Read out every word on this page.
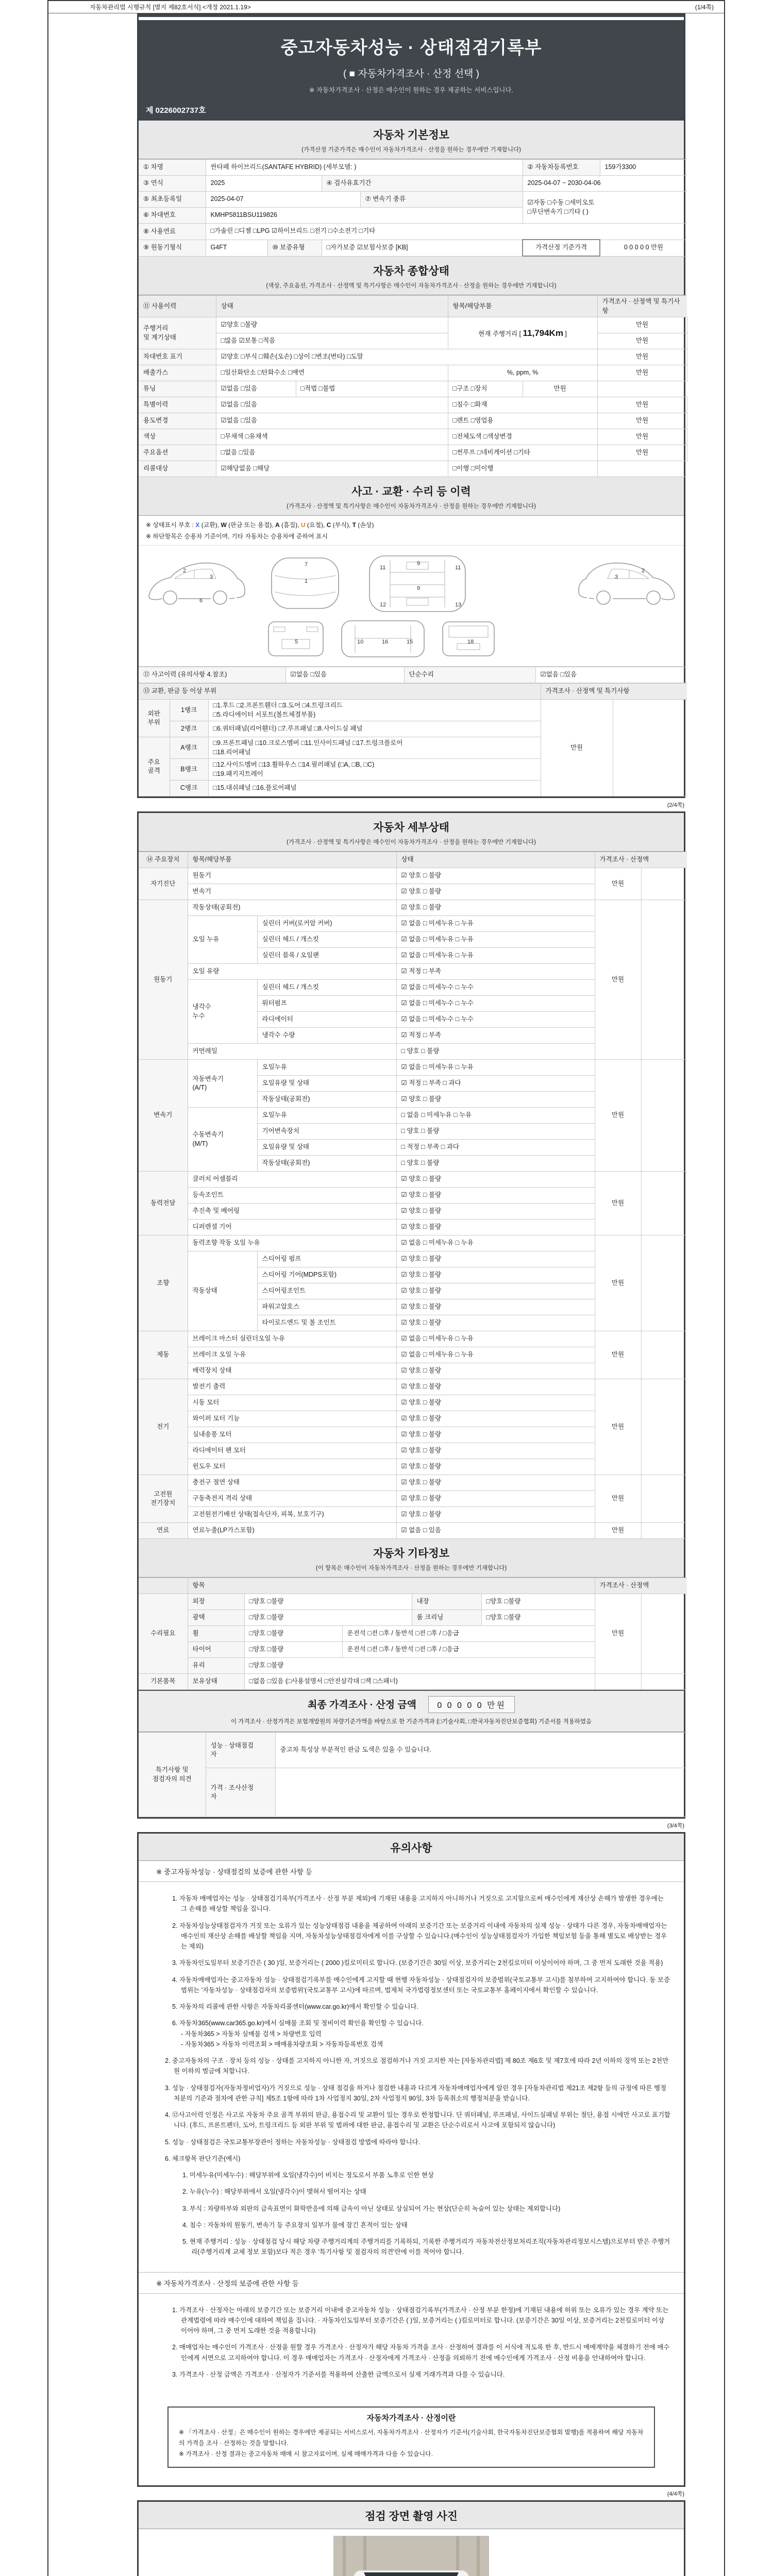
자동차관리법 시행규칙 [별지 제82호서식] <개정 2021.1.19>	(1/4쪽)
중고자동차성능 · 상태점검기록부
( ■ 자동차가격조사 · 산정 선택 )
※ 자동차가격조사 · 산정은 매수인이 원하는 경우 제공하는 서비스입니다.
제 0226002737호
자동차 기본정보
(가격산정 기준가격은 매수인이 자동차가격조사 · 산정을 원하는 경우에만 기재합니다)
① 차명	싼타페 하이브리드(SANTAFE HYBRID) (세부모델: )				② 자동차등록번호	159가3300
③ 연식	2025		④ 검사유효기간		2025-04-07 ~ 2030-04-06	
⑤ 최초등록일	2025-04-07			⑦ 변속기 종류	☑자동 □수동 □세미오토
□무단변속기 □기타 ( )	
⑥ 차대번호	KMHP5811BSU119826					
⑧ 사용연료	□가솔린 □디젤 □LPG ☑하이브리드 □전기 □수소전기 □기타					
⑨ 원동기형식	G4FT	⑩ 보증유형	□자가보증 ☑보험사보증 [KB]		가격산정 기준가격	0 0 0 0 0 만원
자동차 종합상태
(색상, 주요옵션, 가격조사 · 산정액 및 특기사항은 매수인이 자동차가격조사 · 산정을 원하는 경우에만 기재합니다)
⑪ 사용이력	상태		항목/해당부품		가격조사 · 산정액 및 특기사항	
주행거리
및 계기상태	☑양호 □불량		현재 주행거리 [ 11,794Km ]		만원	
	□많음 ☑보통 □적음				만원	
차대번호 표기	☑양호 □부식 □훼손(오손) □상이 □변조(변타) □도말				만원	
배출가스	□일산화탄소 □탄화수소 □매연		%, ppm, %		만원	
튜닝	☑없음 □있음	□적법 □불법	□구조 □장치	만원		
특별이력	☑없음 □있음		□침수 □화재		만원	
용도변경	☑없음 □있음		□렌트 □영업용		만원	
색상	□무채색 □유채색		□전체도색 □색상변경		만원	
주요옵션	□없음 □있음		□썬루프 □네비게이션 □기타		만원	
리콜대상	☑해당없음 □해당		□이행 □미이행			
사고 · 교환 · 수리 등 이력
(가격조사 · 산정액 및 특기사항은 매수인이 자동차가격조사 · 산정을 원하는 경우에만 기재합니다)
※ 상태표시 부호 : X (교환), W (판금 또는 용접), A (흠집), U (요철), C (부식), T (손상)
※ 하단항목은 승용차 기준이며, 기타 자동차는 승용차에 준하여 표시
2
3
6
7
1
11
9
11
12
9
13
3
2
5	10	16	15	18
⑫ 사고이력 (유의사항 4.참조)	☑없음 □있음	단순수리	☑없음 □있음
⑬ 교환, 판금 등 이상 부위			가격조사 · 산정액 및 특기사항	
외판
부위	1랭크	□1.후드 □2.프론트휀더 □3.도어 □4.트렁크리드
□5.라디에이터 서포트(볼트체결부품)	만원	
	2랭크	□6.쿼터패널(리어휀더) □7.루프패널 □8.사이드실 패널		
주요
골격	A랭크	□9.프론트패널 □10.크로스멤버 □11.인사이드패널 □17.트렁크플로어
□18.리어패널		
	B랭크	□12.사이드멤버 □13.휠하우스 □14.필러패널 (□A, □B, □C)
□19.패키지트레이		
	C랭크	□15.대쉬패널 □16.플로어패널		
(2/4쪽)
자동차 세부상태
(가격조사 · 산정액 및 특기사항은 매수인이 자동차가격조사 · 산정을 원하는 경우에만 기재합니다)
⑭ 주요장치	항목/해당부품		상태	가격조사 · 산정액	
자기진단	원동기		☑ 양호 □ 불량	만원	
	변속기		☑ 양호 □ 불량		
원동기	작동상태(공회전)		☑ 양호 □ 불량	만원	
	오일 누유	실린더 커버(로커암 커버)	☑ 없음 □ 미세누유 □ 누유		
		실린더 헤드 / 개스킷	☑ 없음 □ 미세누유 □ 누유		
		실린더 블록 / 오일팬	☑ 없음 □ 미세누유 □ 누유		
	오일 유량		☑ 적정 □ 부족		
	냉각수
누수	실린더 헤드 / 개스킷	☑ 없음 □ 미세누수 □ 누수		
		워터펌프	☑ 없음 □ 미세누수 □ 누수		
		라디에이터	☑ 없음 □ 미세누수 □ 누수		
		냉각수 수량	☑ 적정 □ 부족		
	커먼레일		□ 양호 □ 불량		
변속기	자동변속기
(A/T)	오일누유	☑ 없음 □ 미세누유 □ 누유	만원	
		오일유량 및 상태	☑ 적정 □ 부족 □ 과다		
		작동상태(공회전)	☑ 양호 □ 불량		
	수동변속기
(M/T)	오일누유	□ 없음 □ 미세누유 □ 누유		
		기어변속장치	□ 양호 □ 불량		
		오일유량 및 상태	□ 적정 □ 부족 □ 과다		
		작동상태(공회전)	□ 양호 □ 불량		
동력전달	클러치 어셈블리		☑ 양호 □ 불량	만원	
	등속조인트		☑ 양호 □ 불량		
	추진축 및 베어링		☑ 양호 □ 불량		
	디퍼렌셜 기어		☑ 양호 □ 불량		
조향	동력조향 작동 오일 누유		☑ 없음 □ 미세누유 □ 누유	만원	
	작동상태	스티어링 펌프	☑ 양호 □ 불량		
		스티어링 기어(MDPS포함)	☑ 양호 □ 불량		
		스티어링조인트	☑ 양호 □ 불량		
		파워고압호스	☑ 양호 □ 불량		
		타이로드엔드 및 볼 조인트	☑ 양호 □ 불량		
제동	브레이크 마스터 실린더오일 누유		☑ 없음 □ 미세누유 □ 누유	만원	
	브레이크 오일 누유		☑ 없음 □ 미세누유 □ 누유		
	배력장치 상태		☑ 양호 □ 불량		
전기	발전기 출력		☑ 양호 □ 불량	만원	
	시동 모터		☑ 양호 □ 불량		
	와이퍼 모터 기능		☑ 양호 □ 불량		
	실내송풍 모터		☑ 양호 □ 불량		
	라디에이터 팬 모터		☑ 양호 □ 불량		
	윈도우 모터		☑ 양호 □ 불량		
고전원
전기장치	충전구 절연 상태		☑ 양호 □ 불량	만원	
	구동축전지 격리 상태		☑ 양호 □ 불량		
	고전원전기배선 상태(접속단자, 피복, 보호기구)		☑ 양호 □ 불량		
연료	연료누출(LP가스포함)		☑ 없음 □ 있음	만원	
자동차 기타정보
(이 항목은 매수인이 자동차가격조사 · 산정을 원하는 경우에만 기재합니다)
	항목					가격조사 · 산정액	
수리필요	외장	□양호 □불량		내장	□양호 □불량	만원	
	광택	□양호 □불량		룸 크리닝	□양호 □불량		
	휠	□양호 □불량	운전석 □전 □후 / 동반석 □전 □후 / □응급				
	타이어	□양호 □불량	운전석 □전 □후 / 동반석 □전 □후 / □응급				
	유리	□양호 □불량					
기본품목	보유상태	□없음 □있음 (□사용설명서 □안전삼각대 □잭 □스패너)					
최종 가격조사 · 산정 금액	0 0 0 0 0 만원
이 가격조사 · 산정가격은 보험개발원의 차량기준가액을 바탕으로 한 기준가격과 (□기술사회, □한국자동차진단보증협회) 기준서를 적용하였음
특기사항 및
점검자의 의견	성능 · 상태점검
자	중고차 특성상 부분적인 판금 도색은 있을 수 있습니다.
	가격 · 조사산정
자	
(3/4쪽)
유의사항
※ 중고자동차성능 · 상태점검의 보증에 관한 사항 등
1. 자동차 매매업자는 성능 · 상태점검기록부(가격조사 · 산정 부분 제외)에 기재된 내용을 고지하지 아니하거나 거짓으로 고지함으로써 매수인에게 재산상 손해가 발생한 경우에는 그 손해를 배상할 책임을 집니다.
2. 자동차성능상태점검자가 거짓 또는 오류가 있는 성능상태점검 내용을 제공하여 아래의 보증기간 또는 보증거리 이내에 자동차의 실제 성능 · 상태가 다른 경우, 자동차매매업자는 매수인의 재산상 손해를 배상할 책임을 지며, 자동차성능상태점검자에게 이를 구상할 수 있습니다.(매수인이 성능상태점검자가 가입한 책임보험 등을 통해 별도로 배상받는 경우는 제외)
3. 자동차인도일부터 보증기간은 ( 30 )일, 보증거리는 ( 2000 )킬로미터로 합니다. (보증기간은 30일 이상, 보증거리는 2천킬로미터 이상이어야 하며, 그 중 먼저 도래한 것을 적용)
4. 자동차매매업자는 중고자동차 성능 · 상태점검기록부를 매수인에게 고지할 때 현행 자동차성능 · 상태점검자의 보증범위(국토교통부 고시)를 첨부하여 고지하여야 합니다. 동 보증범위는 '자동차성능 · 상태점검자의 보증범위'(국토교통부 고시)에 따르며, 법제처 국가법령정보센터 또는 국토교통부 홈페이지에서 확인할 수 있습니다.
5. 자동차의 리콜에 관한 사항은 자동차리콜센터(www.car.go.kr)에서 확인할 수 있습니다.
6. 자동차365(www.car365.go.kr)에서 실매물 조회 및 정비이력 확인을 확인할 수 있습니다.
- 자동차365 > 자동차 실매물 검색 > 차량번호 입력
- 자동차365 > 자동차 이력조회 > 매매용차량조회 > 자동차등록번호 검색
2. 중고자동차의 구조 · 장치 등의 성능 · 상태를 고지하지 아니한 자, 거짓으로 점검하거나 거짓 고지한 자는 [자동차관리법] 제 80조 제6호 및 제7호에 따라 2년 이하의 징역 또는 2천만원 이하의 벌금에 처합니다.
3. 성능 · 상태점검자(자동차정비업자)가 거짓으로 성능 · 상태 점검을 하거나 점검한 내용과 다르게 자동차매매업자에게 알린 경우 [자동차관리법 제21조 제2항 등의 규정에 따른 행정처분의 기준과 절차에 관한 규칙] 제5조 1항에 따라 1차 사업정지 30일, 2차 사업정지 90일, 3차 등록취소의 행정처분을 받습니다.
4. ⑫사고이력 인정은 사고로 자동차 주요 골격 부위의 판금, 용접수리 및 교환이 있는 경우로 한정합니다. 단 쿼터패널, 루프패널, 사이드실패널 부위는 절단, 용접 시에만 사고로 표기합니다. (후드, 프론트펜더, 도어, 트렁크리드 등 외판 부위 및 범퍼에 대한 판금, 용접수리 및 교환은 단순수리로서 사고에 포함되지 않습니다)
5. 성능 · 상태점검은 국토교통부장관이 정하는 자동차성능 · 상태점검 방법에 따라야 합니다.
6. 체크항목 판단기준(예시)
1. 미세누유(미세누수) : 해당부위에 오일(냉각수)이 비치는 정도로서 부품 노후로 인한 현상
2. 누유(누수) : 해당부위에서 오일(냉각수)이 맺혀서 떨어지는 상태
3. 부식 : 차량하부와 외판의 금속표면이 화학반응에 의해 금속이 아닌 상태로 상실되어 가는 현상(단순히 녹슬어 있는 상태는 제외합니다)
4. 침수 : 자동차의 원동기, 변속기 등 주요장치 일부가 물에 잠긴 흔적이 있는 상태
5. 현재 주행거리 : 성능 · 상태점검 당시 해당 차량 주행거리계의 주행거리를 기록하되, 기록한 주행거리가 자동차전산정보처리조직(자동차관리정보시스템)으로부터 받은 주행거리(주행거리계 교체 정보 포함)보다 적은 경우 '특기사항 및 점검자의 의견'란에 이를 적어야 합니다.
※ 자동차가격조사 · 산정의 보증에 관한 사항 등
1. 가격조사 · 산정자는 아래의 보증기간 또는 보증거리 이내에 중고자동차 성능 · 상태점검기록부(가격조사 · 산정 부분 한정)에 기재된 내용에 허위 또는 오류가 있는 경우 계약 또는 관계법령에 따라 매수인에 대하여 책임을 집니다. · 자동차인도일부터 보증기간은 ( )일, 보증거리는 ( )킬로미터로 합니다. (보증기간은 30일 이상, 보증거리는 2천킬로미터 이상이어야 하며, 그 중 먼저 도래한 것을 적용합니다)
2. 매매업자는 매수인이 가격조사 · 산정을 원할 경우 가격조사 · 산정자가 해당 자동차 가격을 조사 · 산정하여 결과를 이 서식에 적도록 한 후, 반드시 매매계약을 체결하기 전에 매수인에게 서면으로 고지하여야 합니다. 이 경우 매매업자는 가격조사 · 산정자에게 가격조사 · 산정을 의뢰하기 전에 매수인에게 가격조사 · 산정 비용을 안내하여야 합니다.
3. 가격조사 · 산정 금액은 가격조사 · 산정자가 기준서를 적용하여 산출한 금액으로서 실제 거래가격과 다를 수 있습니다.
자동차가격조사 · 산정이란
※ 「가격조사 · 산정」은 매수인이 원하는 경우에만 제공되는 서비스로서, 자동차가격조사 · 산정자가 기준서(기술사회, 한국자동차진단보증협회 발행)를 적용하여 해당 자동차의 가격을 조사 · 산정하는 것을 말합니다.
※ 가격조사 · 산정 결과는 중고자동차 매매 시 참고자료이며, 실제 매매가격과 다를 수 있습니다.
(4/4쪽)
점검 장면 촬영 사진
